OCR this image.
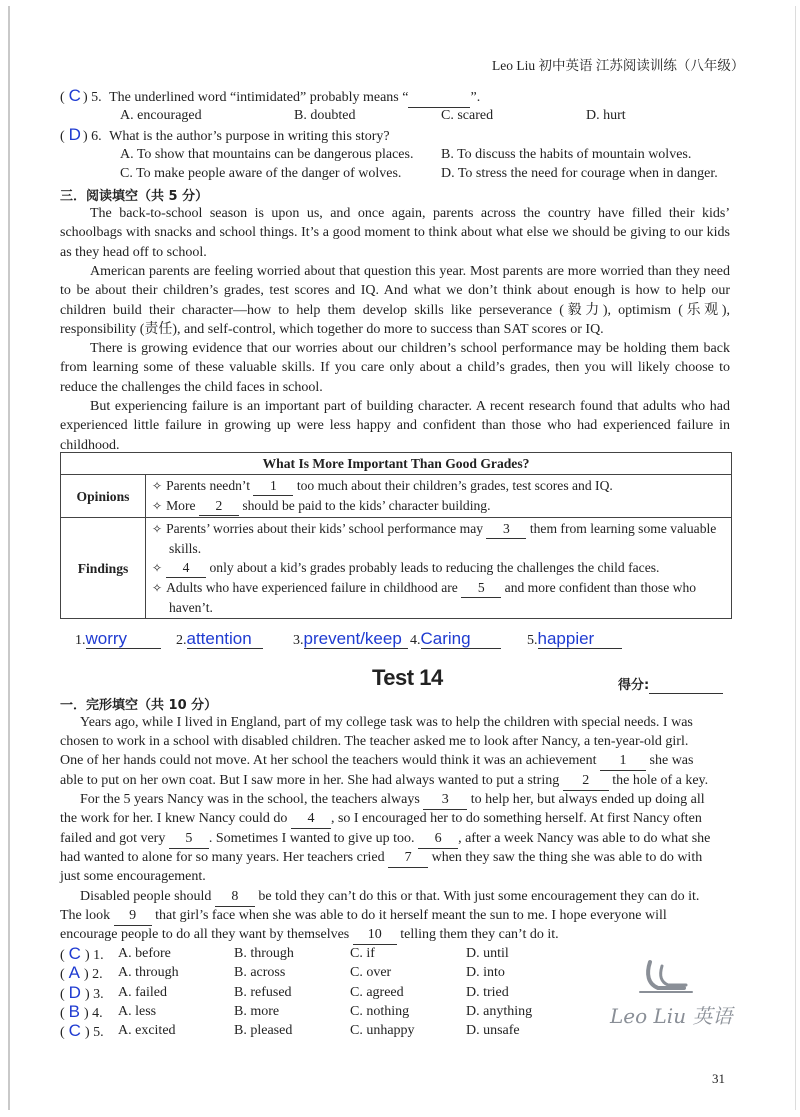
Leo Liu 初中英语 江苏阅读训练（八年级）
( C ) 5. The underlined word “intimidated” probably means “	”.
A. encouraged	B. doubted	C. scared	D. hurt
( D ) 6. What is the author’s purpose in writing this story?
A. To show that mountains can be dangerous places. B. To discuss the habits of mountain wolves.
C. To make people aware of the danger of wolves.	D. To stress the need for courage when in danger.
三．阅读填空（共 5 分）
The back-to-school season is upon us, and once again, parents across the country have filled their kids’ schoolbags with snacks and school things. It’s a good moment to think about what else we should be giving to our kids as they head off to school.
American parents are feeling worried about that question this year. Most parents are more worried than they need to be about their children’s grades, test scores and IQ. And what we don’t think about enough is how to help our children build their character—how to help them develop skills like perseverance (毅力), optimism (乐观), responsibility (责任), and self-control, which together do more to success than SAT scores or IQ.
There is growing evidence that our worries about our children’s school performance may be holding them back from learning some of these valuable skills. If you care only about a child’s grades, then you will likely choose to reduce the challenges the child faces in school.
But experiencing failure is an important part of building character. A recent research found that adults who had experienced little failure in growing up were less happy and confident than those who had experienced failure in childhood.
What Is More Important Than Good Grades?	
Opinions	✧ Parents needn’t 1 too much about their children’s grades, test scores and IQ.
✧ More 2 should be paid to the kids’ character building.

Findings	✧ Parents’ worries about their kids’ school performance may 3 them from learning some valuable skills.
✧ 4 only about a kid’s grades probably leads to reducing the challenges the child faces.
✧ Adults who have experienced failure in childhood are 5 and more confident than those who haven’t.
1.worry	2.attention	3.prevent/keep 4.Caring	5.happier
Test 14	得分:
一．完形填空（共 10 分）
Years ago, while I lived in England, part of my college task was to help the children with special needs. I was
chosen to work in a school with disabled children. The teacher asked me to look after Nancy, a ten-year-old girl.
One of her hands could not move. At her school the teachers would think it was an achievement 1 she was
able to put on her own coat. But I saw more in her. She had always wanted to put a string 2 the hole of a key.
For the 5 years Nancy was in the school, the teachers always 3 to help her, but always ended up doing all
the work for her. I knew Nancy could do 4 , so I encouraged her to do something herself. At first Nancy often
failed and got very 5 . Sometimes I wanted to give up too. 6 , after a week Nancy was able to do what she
had wanted to alone for so many years. Her teachers cried 7 when they saw the thing she was able to do with
just some encouragement.
Disabled people should 8 be told they can’t do this or that. With just some encouragement they can do it.
The look 9 that girl’s face when she was able to do it herself meant the sun to me. I hope everyone will
encourage people to do all they want by themselves 10 telling them they can’t do it.
( C ) 1. A. before	B. through	C. if	D. until
( A ) 2. A. through	B. across	C. over	D. into
( D ) 3. A. failed	B. refused	C. agreed	D. tried
( B ) 4. A. less	B. more	C. nothing	D. anything
( C ) 5. A. excited	B. pleased	C. unhappy	D. unsafe
Leo Liu 英语
31
